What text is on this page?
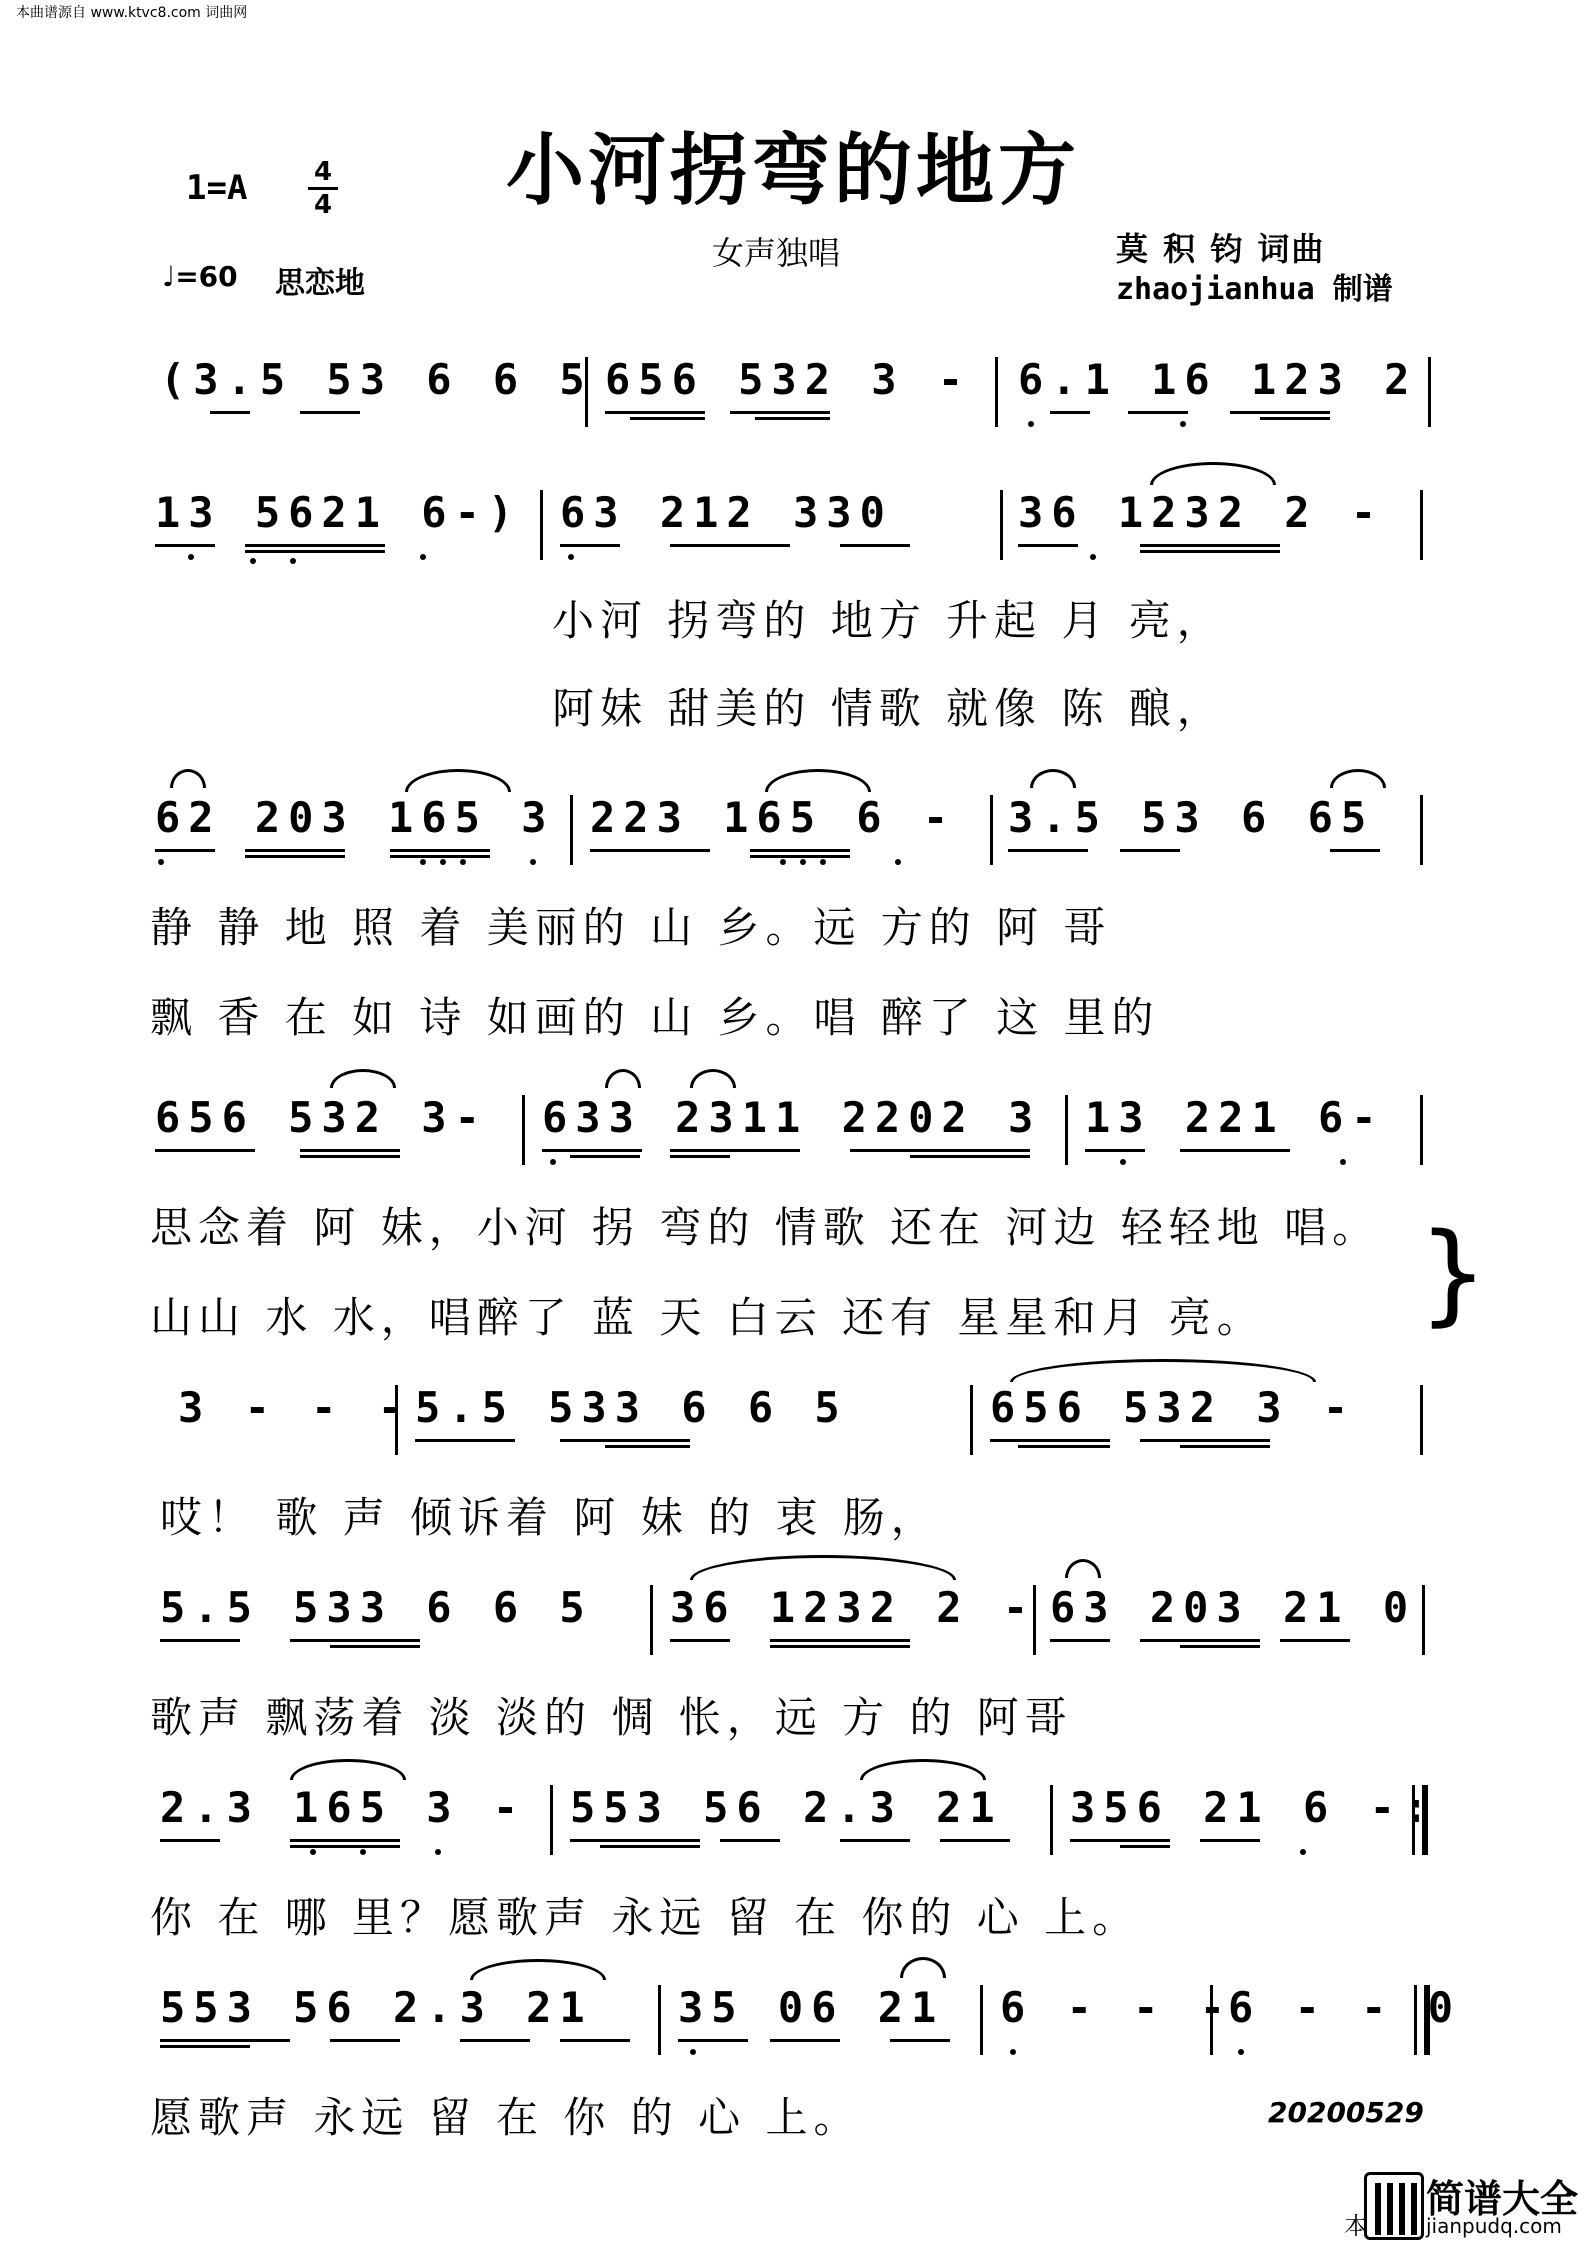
本曲谱源自 www.ktvc8.com 词曲网
小河拐弯的地方
1=A	4
4
♩=60 思恋地
女声独唱	莫 积 钧 词曲
zhaojianhua 制谱
(3.5 53 6 6 5 656 532 3 - 6.1 16 123 2
13 5621 6-) 63 212 330	36 1232 2 -
小河 拐弯的 地方 升起 月 亮，
阿妹 甜美的 情歌 就像 陈 酿，
62 203 165 3 223 165 6 - 3.5 53 6 65
静 静 地 照 着 美丽的 山 乡。远 方的 阿 哥
飘 香 在 如 诗 如画的 山 乡。唱 醉了 这 里的
656 532 3- 633 2311 2202 3 13 221 6-
思念着 阿 妹，小河 拐 弯的 情歌 还在 河边 轻轻地 唱。
山山 水 水，唱醉了 蓝 天 白云 还有 星星和月 亮。 }
3 - - - 5.5 533 6 6 5	656 532 3 -
哎！ 歌 声 倾诉着 阿 妹 的 衷 肠，
5.5 533 6 6 5 36 1232 2 - 63 203 21 0
歌声 飘荡着 淡 淡的 惆 怅，远 方 的 阿哥
2.3 165 3 - 553 56 2.3 21 356 21 6 -:
你 在 哪 里？愿歌声 永远 留 在 你的 心 上。
553 56 2.3 21 35 06 21 6 - - -
6 - - 0
愿歌声 永远 留 在 你 的 心 上。	20200529
本
简谱大全
jianpudq.com
